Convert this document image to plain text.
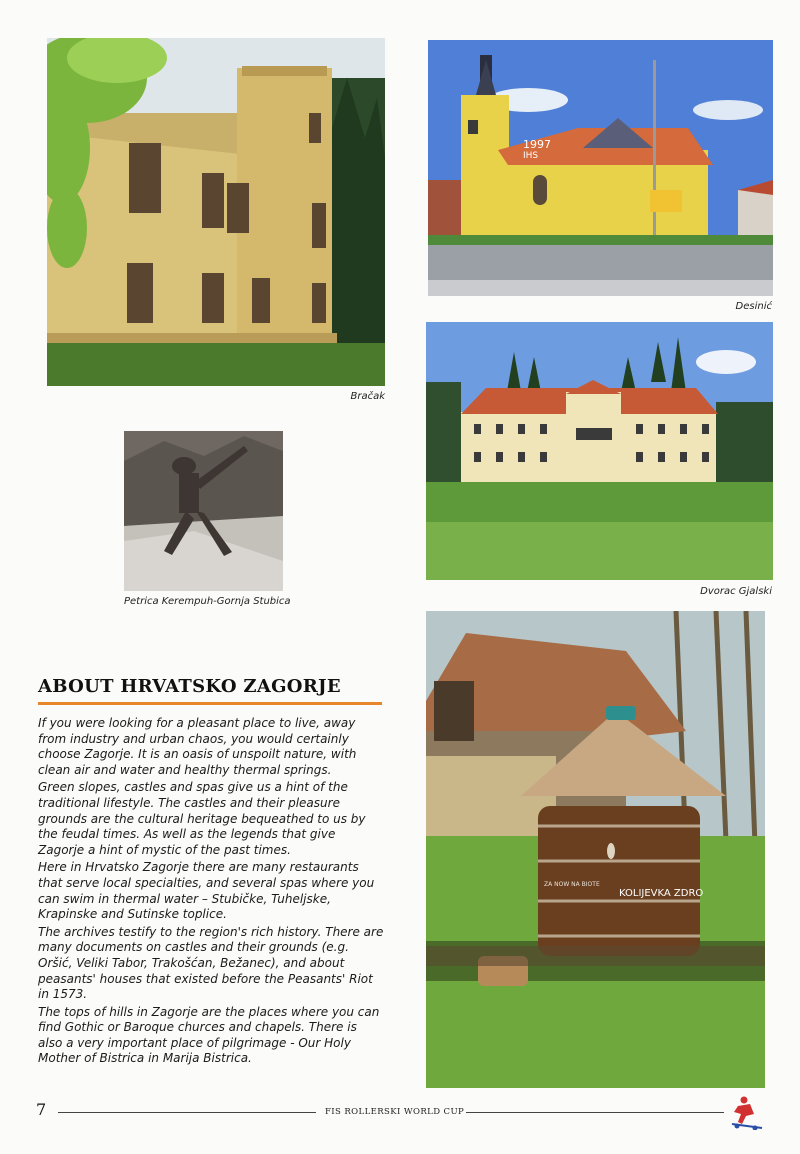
Bračak
1997
IHS
Desinić
Dvorac Gjalski
Petrica Kerempuh-Gornja Stubica
ZA NOW NA BIOTE
KOLIJEVKA ZDRO
ABOUT HRVATSKO ZAGORJE

If you were looking for a pleasant place to live, away from industry and urban chaos, you would certainly choose Zagorje. It is an oasis of unspoilt nature, with clean air and water and healthy thermal springs.

Green slopes, castles and spas give us a hint of the traditional lifestyle. The castles and their pleasure grounds are the cultural heritage bequeathed to us by the feudal times. As well as the legends that give Zagorje a hint of mystic of the past times.

Here in Hrvatsko Zagorje there are many restaurants that serve local specialties, and several spas where you can swim in thermal water – Stubičke, Tuheljske, Krapinske and Sutinske toplice.

The archives testify to the region's rich history. There are many documents on castles and their grounds (e.g. Oršić, Veliki Tabor, Trakošćan, Bežanec), and about peasants' houses that existed before the Peasants' Riot in 1573.

The tops of hills in Zagorje are the places where you can find Gothic or Baroque churces and chapels. There is also a very important place of pilgrimage - Our Holy Mother of Bistrica in Marija Bistrica.

7	FIS ROLLERSKI WORLD CUP
